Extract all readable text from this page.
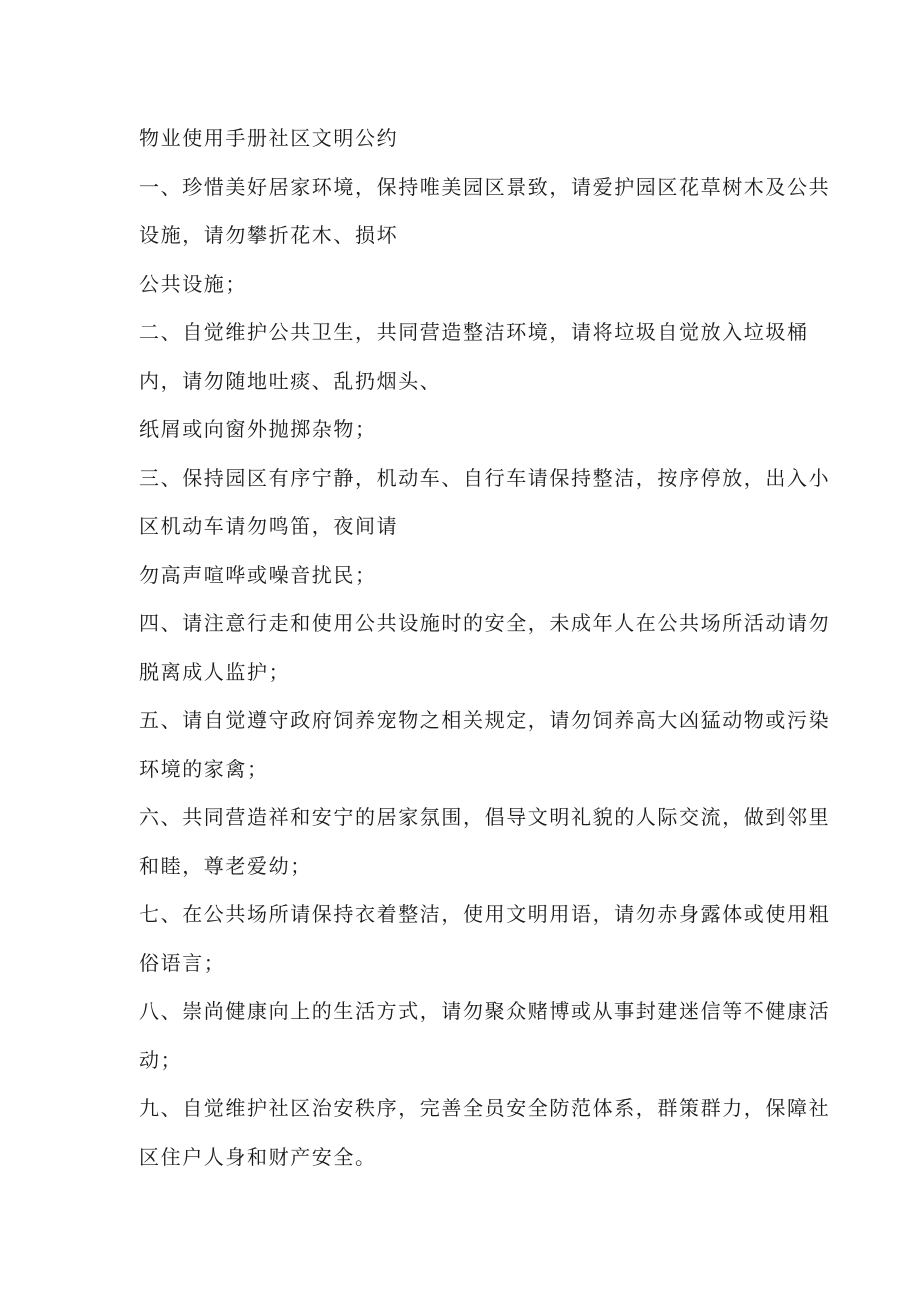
物业使用手册社区文明公约

一、珍惜美好居家环境，保持唯美园区景致，请爱护园区花草树木及公共

设施，请勿攀折花木、损坏

公共设施；

二、自觉维护公共卫生，共同营造整洁环境，请将垃圾自觉放入垃圾桶

内，请勿随地吐痰、乱扔烟头、

纸屑或向窗外抛掷杂物；

三、保持园区有序宁静，机动车、自行车请保持整洁，按序停放，出入小

区机动车请勿鸣笛，夜间请

勿高声喧哗或噪音扰民；

四、请注意行走和使用公共设施时的安全，未成年人在公共场所活动请勿

脱离成人监护；

五、请自觉遵守政府饲养宠物之相关规定，请勿饲养高大凶猛动物或污染

环境的家禽；

六、共同营造祥和安宁的居家氛围，倡导文明礼貌的人际交流，做到邻里

和睦，尊老爱幼；

七、在公共场所请保持衣着整洁，使用文明用语，请勿赤身露体或使用粗

俗语言；

八、崇尚健康向上的生活方式，请勿聚众赌博或从事封建迷信等不健康活

动；

九、自觉维护社区治安秩序，完善全员安全防范体系，群策群力，保障社

区住户人身和财产安全。
